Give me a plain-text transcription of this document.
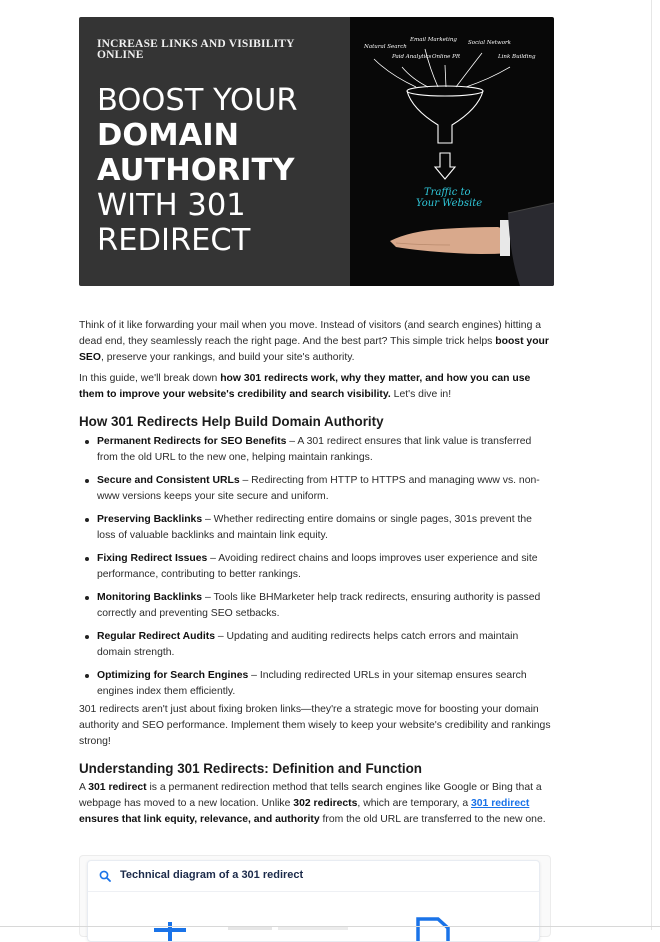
INCREASE LINKS AND VISIBILITY ONLINE
BOOST YOUR
DOMAIN
AUTHORITY
WITH 301
REDIRECT
Natural Search
Paid Analytics
Email Marketing
Online PR
Social Network
Link Building
Traffic to
Your Website

Think of it like forwarding your mail when you move. Instead of visitors (and search engines) hitting a dead end, they seamlessly reach the right page. And the best part? This simple trick helps boost your SEO, preserve your rankings, and build your site's authority.

In this guide, we'll break down how 301 redirects work, why they matter, and how you can use them to improve your website's credibility and search visibility. Let's dive in!

How 301 Redirects Help Build Domain Authority
Permanent Redirects for SEO Benefits – A 301 redirect ensures that link value is transferred from the old URL to the new one, helping maintain rankings.
Secure and Consistent URLs – Redirecting from HTTP to HTTPS and managing www vs. non-www versions keeps your site secure and uniform.
Preserving Backlinks – Whether redirecting entire domains or single pages, 301s prevent the loss of valuable backlinks and maintain link equity.
Fixing Redirect Issues – Avoiding redirect chains and loops improves user experience and site performance, contributing to better rankings.
Monitoring Backlinks – Tools like BHMarketer help track redirects, ensuring authority is passed correctly and preventing SEO setbacks.
Regular Redirect Audits – Updating and auditing redirects helps catch errors and maintain domain strength.
Optimizing for Search Engines – Including redirected URLs in your sitemap ensures search engines index them efficiently.

301 redirects aren't just about fixing broken links—they're a strategic move for boosting your domain authority and SEO performance. Implement them wisely to keep your website's credibility and rankings strong!

Understanding 301 Redirects: Definition and Function

A 301 redirect is a permanent redirection method that tells search engines like Google or Bing that a webpage has moved to a new location. Unlike 302 redirects, which are temporary, a 301 redirect ensures that link equity, relevance, and authority from the old URL are transferred to the new one.

Technical diagram of a 301 redirect
